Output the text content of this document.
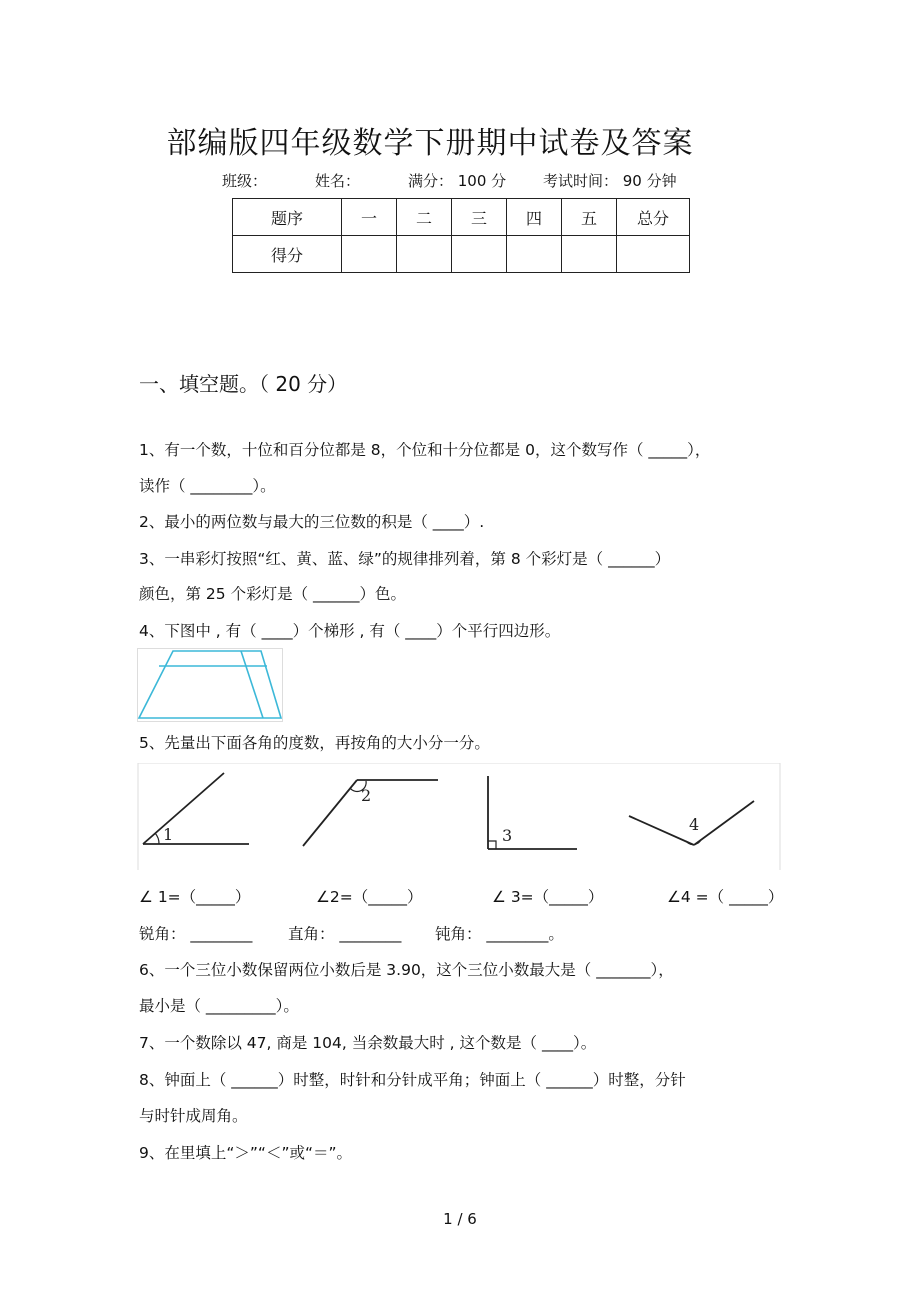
部编版四年级数学下册期中试卷及答案
班级：	姓名：	满分： 100 分 考试时间： 90 分钟
题序	一	二	三	四	五	总分
得分						
一、填空题。（ 20 分）
1、有一个数，十位和百分位都是 8，个位和十分位都是 0，这个数写作（ _____），
读作（ ________）。
2、最小的两位数与最大的三位数的积是（ ____）.
3、一串彩灯按照“红、黄、蓝、绿”的规律排列着，第 8 个彩灯是（ ______）
颜色，第 25 个彩灯是（ ______）色。
4、下图中 , 有（ ____）个梯形 , 有（ ____）个平行四边形。
5、先量出下面各角的度数，再按角的大小分一分。
1
2
3
4
∠ 1=（_____）	∠2=（_____）	∠ 3=（_____）	∠4 =（ _____）
锐角： ________ 直角： ________ 钝角： ________。
6、一个三位小数保留两位小数后是 3.90，这个三位小数最大是（ _______），
最小是（ _________）。
7、一个数除以 47, 商是 104, 当余数最大时 , 这个数是（ ____）。
8、钟面上（ ______）时整，时针和分针成平角；钟面上（ ______）时整，分针
与时针成周角。
9、在里填上“＞”“＜”或“＝”。
1 / 6
